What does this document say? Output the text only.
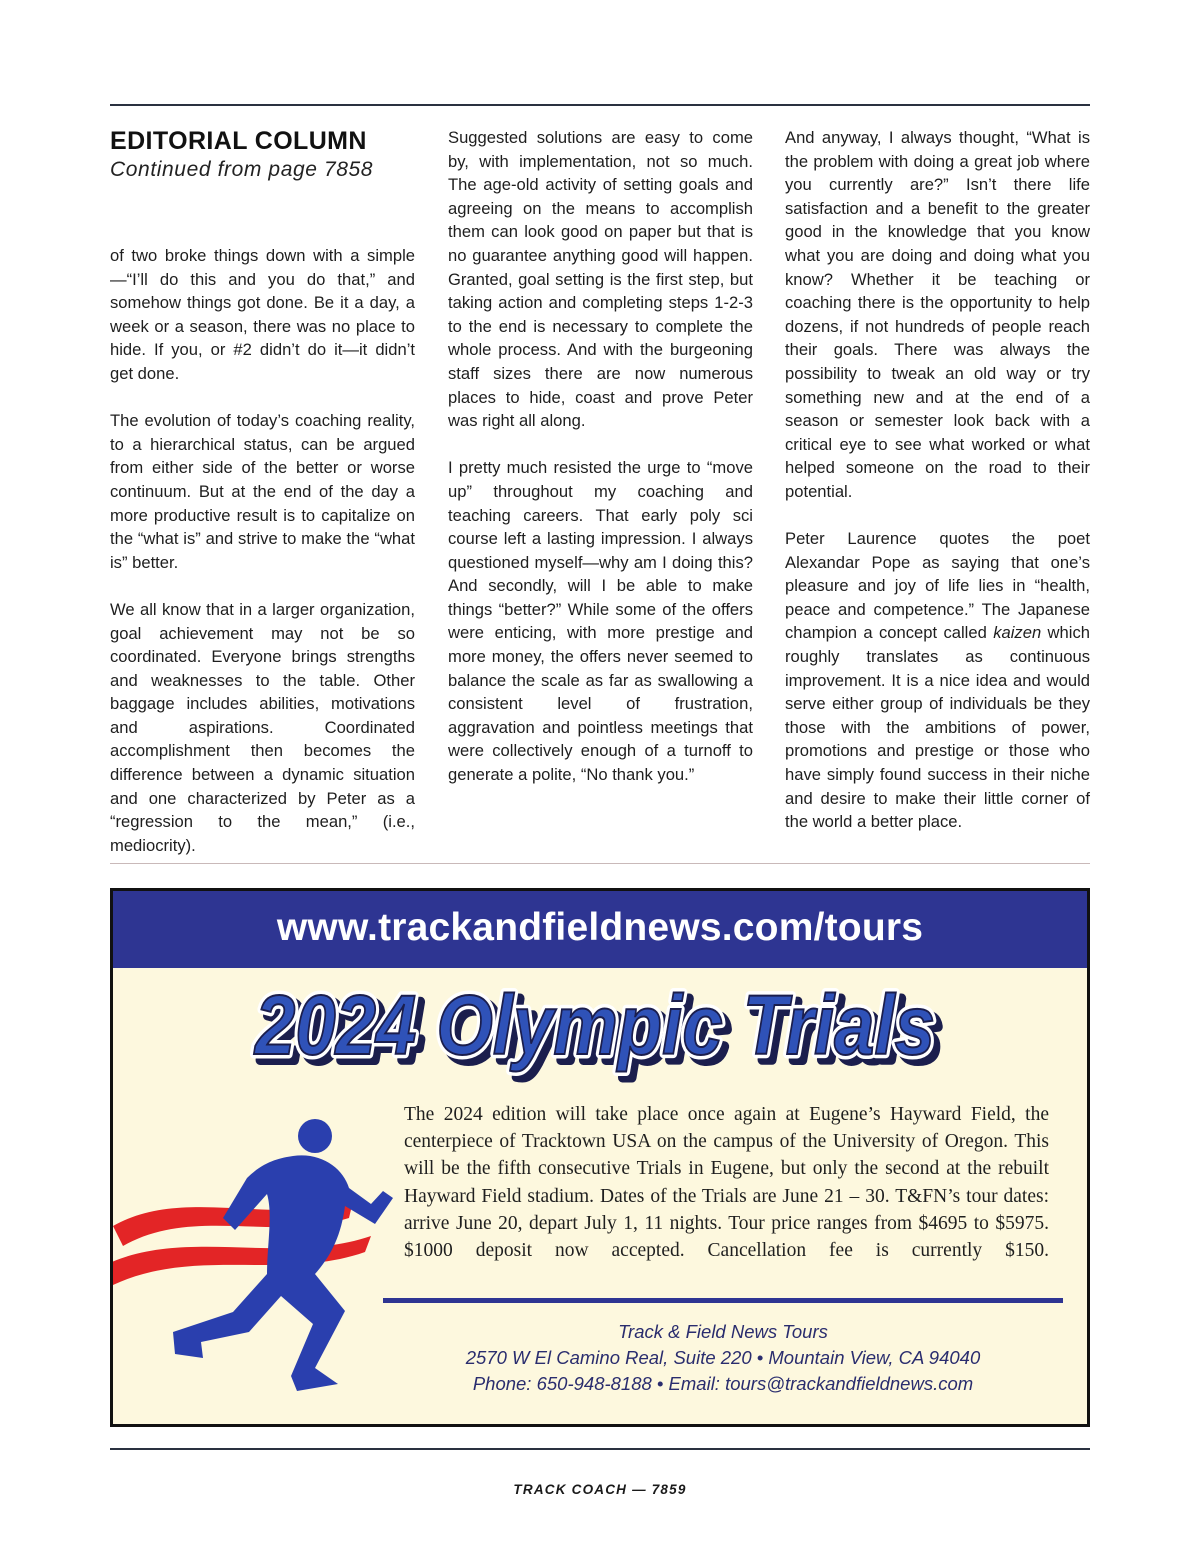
EDITORIAL COLUMN
Continued from page 7858

of two broke things down with a simple—“I’ll do this and you do that,” and somehow things got done. Be it a day, a week or a season, there was no place to hide. If you, or #2 didn’t do it—it didn’t get done.

The evolution of today’s coaching reality, to a hierarchical status, can be argued from either side of the better or worse continuum. But at the end of the day a more productive result is to capitalize on the “what is” and strive to make the “what is” better.

We all know that in a larger organization, goal achievement may not be so coordinated. Everyone brings strengths and weaknesses to the table. Other baggage includes abilities, motivations and aspirations. Coordinated accomplishment then becomes the difference between a dynamic situation and one characterized by Peter as a “regression to the mean,” (i.e., mediocrity).

Suggested solutions are easy to come by, with implementation, not so much. The age-old activity of setting goals and agreeing on the means to accomplish them can look good on paper but that is no guarantee anything good will happen. Granted, goal setting is the first step, but taking action and completing steps 1-2-3 to the end is necessary to complete the whole process. And with the burgeoning staff sizes there are now numerous places to hide, coast and prove Peter was right all along.

I pretty much resisted the urge to “move up” throughout my coaching and teaching careers. That early poly sci course left a lasting impression. I always questioned myself—why am I doing this? And secondly, will I be able to make things “better?” While some of the offers were enticing, with more prestige and more money, the offers never seemed to balance the scale as far as swallowing a consistent level of frustration, aggravation and pointless meetings that were collectively enough of a turnoff to generate a polite, “No thank you.”

And anyway, I always thought, “What is the problem with doing a great job where you currently are?” Isn’t there life satisfaction and a benefit to the greater good in the knowledge that you know what you are doing and doing what you know? Whether it be teaching or coaching there is the opportunity to help dozens, if not hundreds of people reach their goals. There was always the possibility to tweak an old way or try something new and at the end of a season or semester look back with a critical eye to see what worked or what helped someone on the road to their potential.

Peter Laurence quotes the poet Alexandar Pope as saying that one’s pleasure and joy of life lies in “health, peace and competence.” The Japanese champion a concept called kaizen which roughly translates as continuous improvement. It is a nice idea and would serve either group of individuals be they those with the ambitions of power, promotions and prestige or those who have simply found success in their niche and desire to make their little corner of the world a better place.

www.trackandfieldnews.com/tours
2024 Olympic Trials
2024 Olympic Trials
2024 Olympic Trials
The 2024 edition will take place once again at Eugene’s Hayward Field, the centerpiece of Tracktown USA on the campus of the University of Oregon. This will be the fifth consecutive Trials in Eugene, but only the second at the rebuilt Hayward Field stadium. Dates of the Trials are June 21 – 30. T&FN’s tour dates: arrive June 20, depart July 1, 11 nights. Tour price ranges from $4695 to $5975. $1000 deposit now accepted. Cancellation fee is currently $150.
Track & Field News Tours
2570 W El Camino Real, Suite 220 • Mountain View, CA 94040
Phone: 650-948-8188 • Email: tours@trackandfieldnews.com
TRACK COACH — 7859
